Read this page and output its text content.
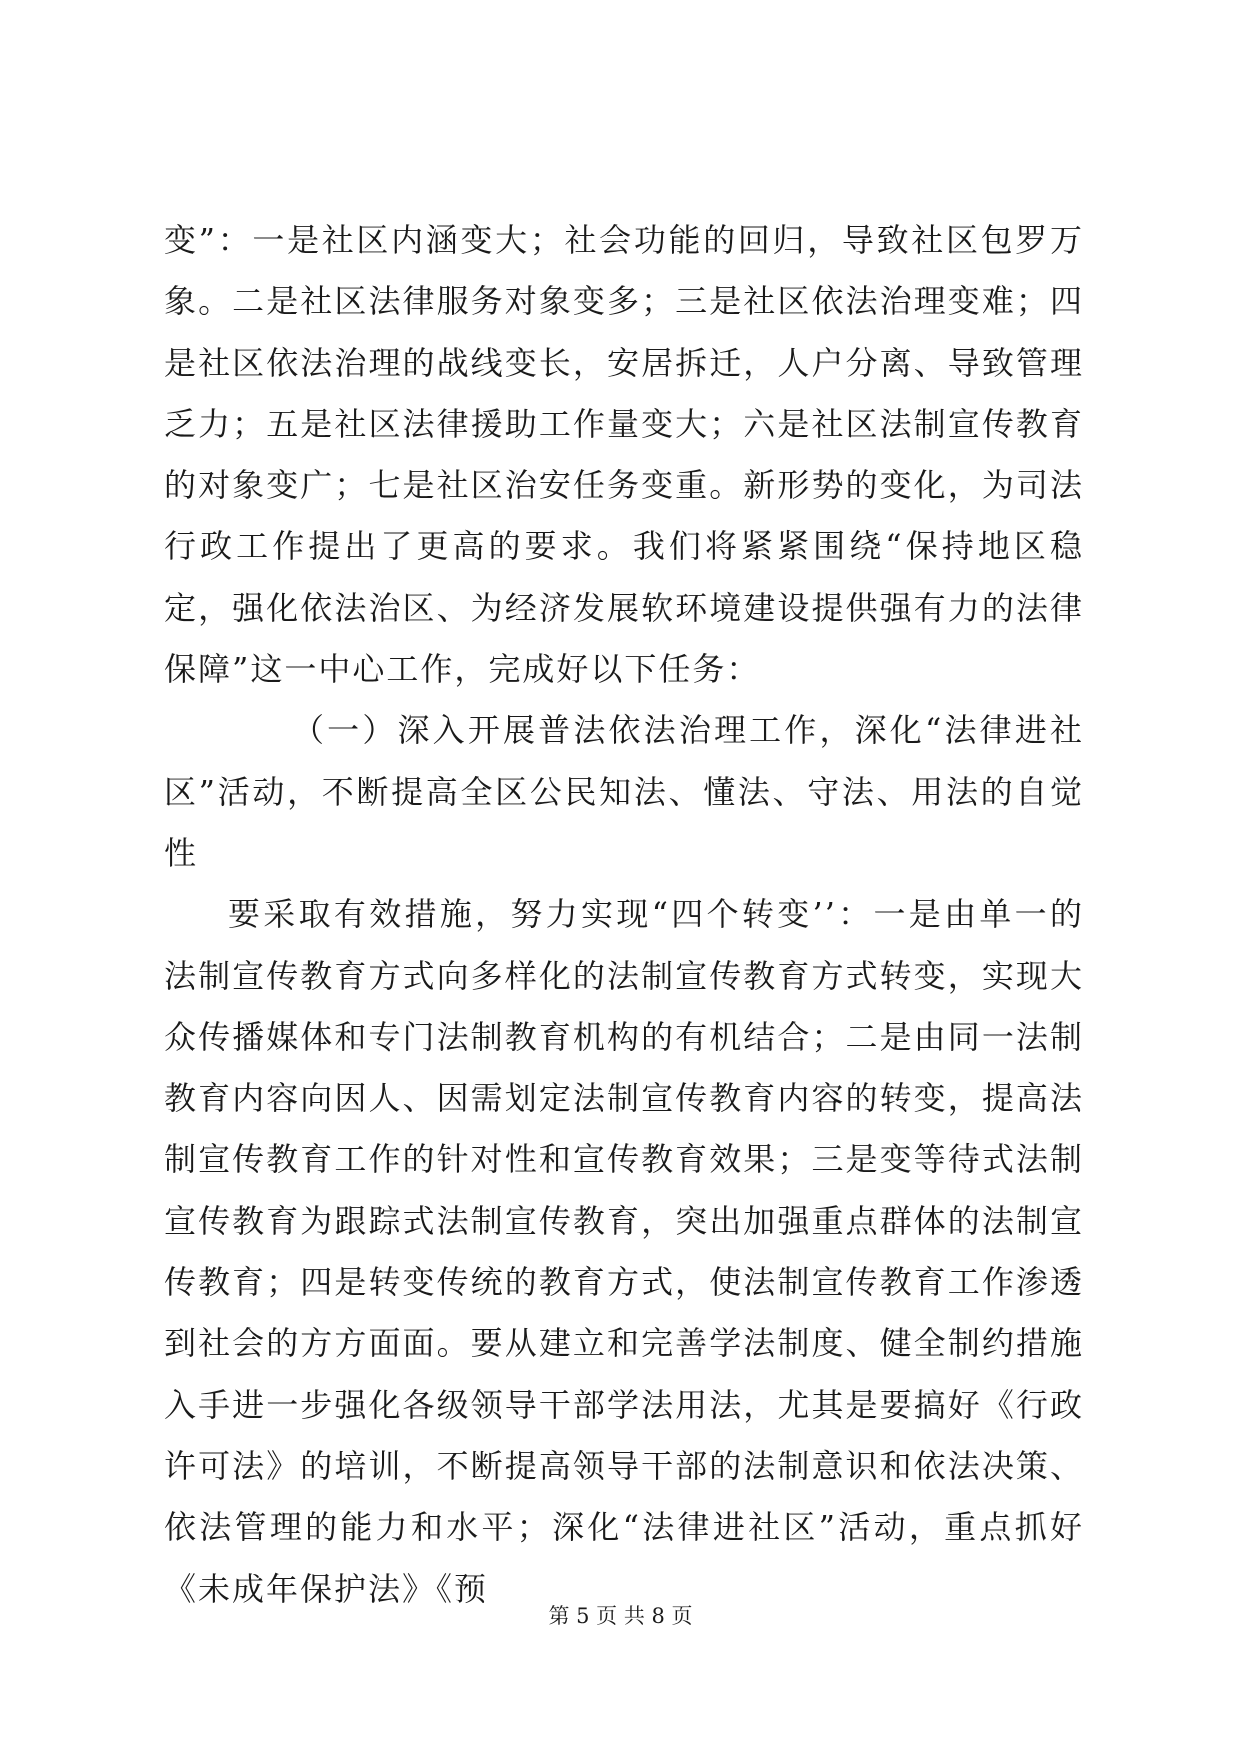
变”：一是社区内涵变大；社会功能的回归，导致社区包罗万象。二是社区法律服务对象变多；三是社区依法治理变难；四是社区依法治理的战线变长，安居拆迁，人户分离、导致管理乏力；五是社区法律援助工作量变大；六是社区法制宣传教育的对象变广；七是社区治安任务变重。新形势的变化，为司法行政工作提出了更高的要求。我们将紧紧围绕“保持地区稳定，强化依法治区、为经济发展软环境建设提供强有力的法律保障”这一中心工作，完成好以下任务：

（一）深入开展普法依法治理工作，深化“法律进社区”活动，不断提高全区公民知法、懂法、守法、用法的自觉性

要采取有效措施，努力实现“四个转变’’：一是由单一的法制宣传教育方式向多样化的法制宣传教育方式转变，实现大众传播媒体和专门法制教育机构的有机结合；二是由同一法制教育内容向因人、因需划定法制宣传教育内容的转变，提高法制宣传教育工作的针对性和宣传教育效果；三是变等待式法制宣传教育为跟踪式法制宣传教育，突出加强重点群体的法制宣传教育；四是转变传统的教育方式，使法制宣传教育工作渗透到社会的方方面面。要从建立和完善学法制度、健全制约措施入手进一步强化各级领导干部学法用法，尤其是要搞好《行政许可法》的培训，不断提高领导干部的法制意识和依法决策、依法管理的能力和水平；深化“法律进社区”活动，重点抓好《未成年保护法》《预

第 5 页 共 8 页
